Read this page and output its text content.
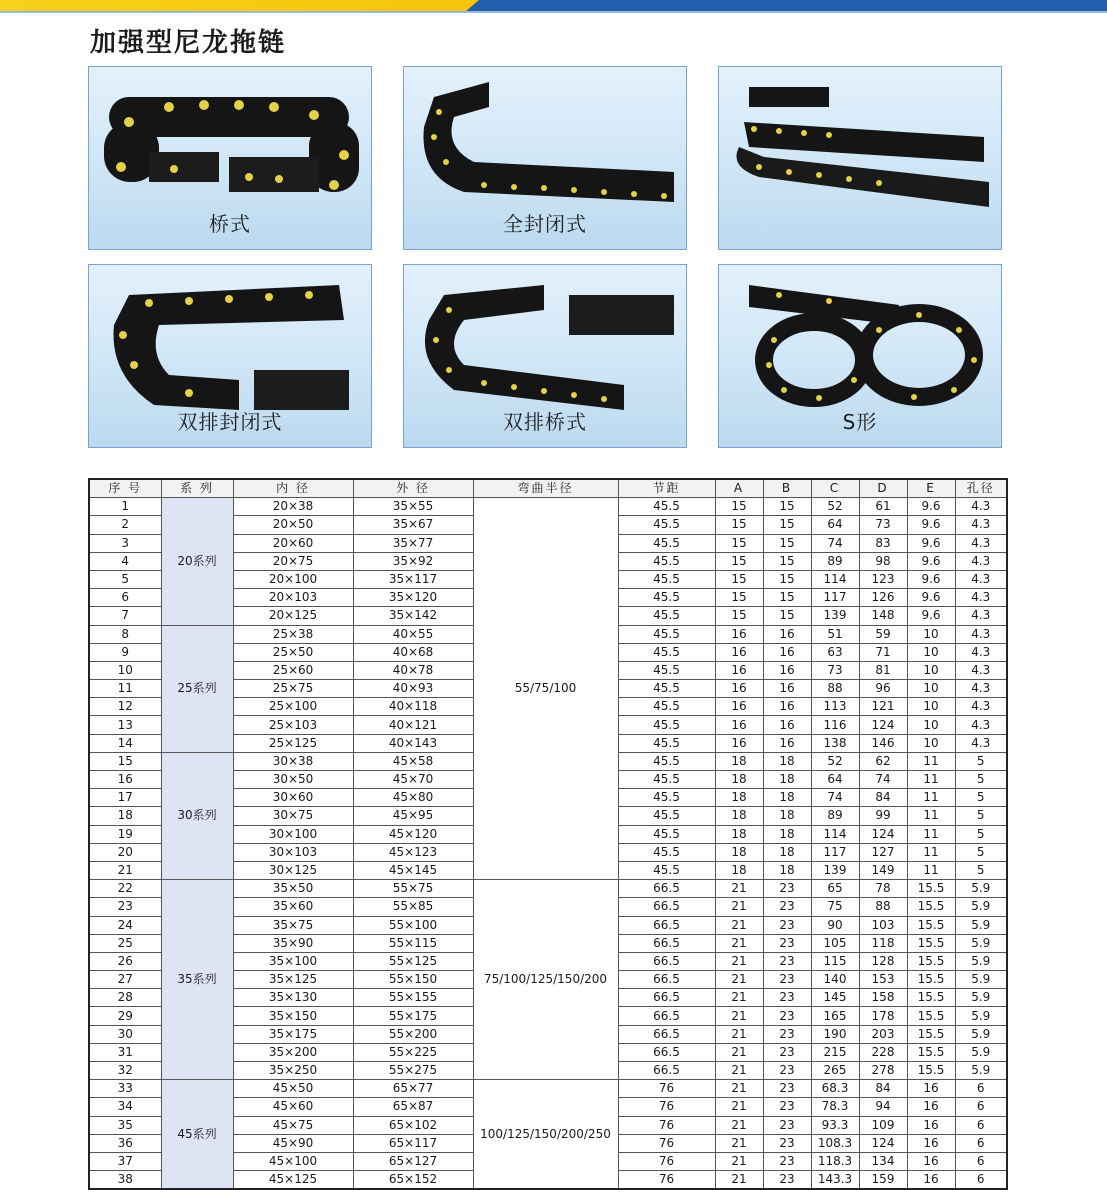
加强型尼龙拖链
桥式	全封闭式
双排封闭式	双排桥式	S形
序 号	系 列	内 径	外 径	弯曲半径	节距	A	B	C	D	E	孔径
1	20系列	20×38	35×55	55/75/100	45.5	15	15	52	61	9.6	4.3
2		20×50	35×67		45.5	15	15	64	73	9.6	4.3
3		20×60	35×77		45.5	15	15	74	83	9.6	4.3
4		20×75	35×92		45.5	15	15	89	98	9.6	4.3
5		20×100	35×117		45.5	15	15	114	123	9.6	4.3
6		20×103	35×120		45.5	15	15	117	126	9.6	4.3
7		20×125	35×142		45.5	15	15	139	148	9.6	4.3
8	25系列	25×38	40×55		45.5	16	16	51	59	10	4.3
9		25×50	40×68		45.5	16	16	63	71	10	4.3
10		25×60	40×78		45.5	16	16	73	81	10	4.3
11		25×75	40×93		45.5	16	16	88	96	10	4.3
12		25×100	40×118		45.5	16	16	113	121	10	4.3
13		25×103	40×121		45.5	16	16	116	124	10	4.3
14		25×125	40×143		45.5	16	16	138	146	10	4.3
15	30系列	30×38	45×58		45.5	18	18	52	62	11	5
16		30×50	45×70		45.5	18	18	64	74	11	5
17		30×60	45×80		45.5	18	18	74	84	11	5
18		30×75	45×95		45.5	18	18	89	99	11	5
19		30×100	45×120		45.5	18	18	114	124	11	5
20		30×103	45×123		45.5	18	18	117	127	11	5
21		30×125	45×145		45.5	18	18	139	149	11	5
22	35系列	35×50	55×75	75/100/125/150/200	66.5	21	23	65	78	15.5	5.9
23		35×60	55×85		66.5	21	23	75	88	15.5	5.9
24		35×75	55×100		66.5	21	23	90	103	15.5	5.9
25		35×90	55×115		66.5	21	23	105	118	15.5	5.9
26		35×100	55×125		66.5	21	23	115	128	15.5	5.9
27		35×125	55×150		66.5	21	23	140	153	15.5	5.9
28		35×130	55×155		66.5	21	23	145	158	15.5	5.9
29		35×150	55×175		66.5	21	23	165	178	15.5	5.9
30		35×175	55×200		66.5	21	23	190	203	15.5	5.9
31		35×200	55×225		66.5	21	23	215	228	15.5	5.9
32		35×250	55×275		66.5	21	23	265	278	15.5	5.9
33	45系列	45×50	65×77	100/125/150/200/250	76	21	23	68.3	84	16	6
34		45×60	65×87		76	21	23	78.3	94	16	6
35		45×75	65×102		76	21	23	93.3	109	16	6
36		45×90	65×117		76	21	23	108.3	124	16	6
37		45×100	65×127		76	21	23	118.3	134	16	6
38		45×125	65×152		76	21	23	143.3	159	16	6
